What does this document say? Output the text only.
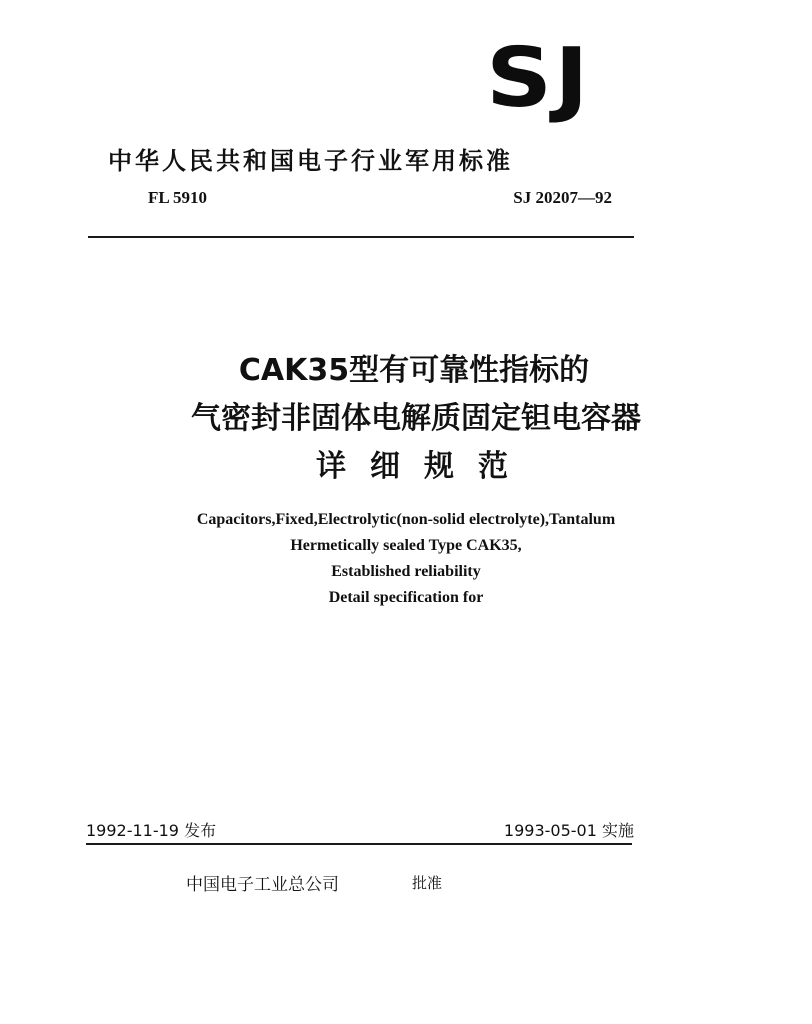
SJ
中华人民共和国电子行业军用标准
FL 5910	SJ 20207—92
CAK35型有可靠性指标的
气密封非固体电解质固定钽电容器
详细规范
Capacitors,Fixed,Electrolytic(non-solid electrolyte),Tantalum
Hermetically sealed Type CAK35,
Established reliability
Detail specification for
1992-11-19 发布	1993-05-01 实施
中国电子工业总公司	批准
